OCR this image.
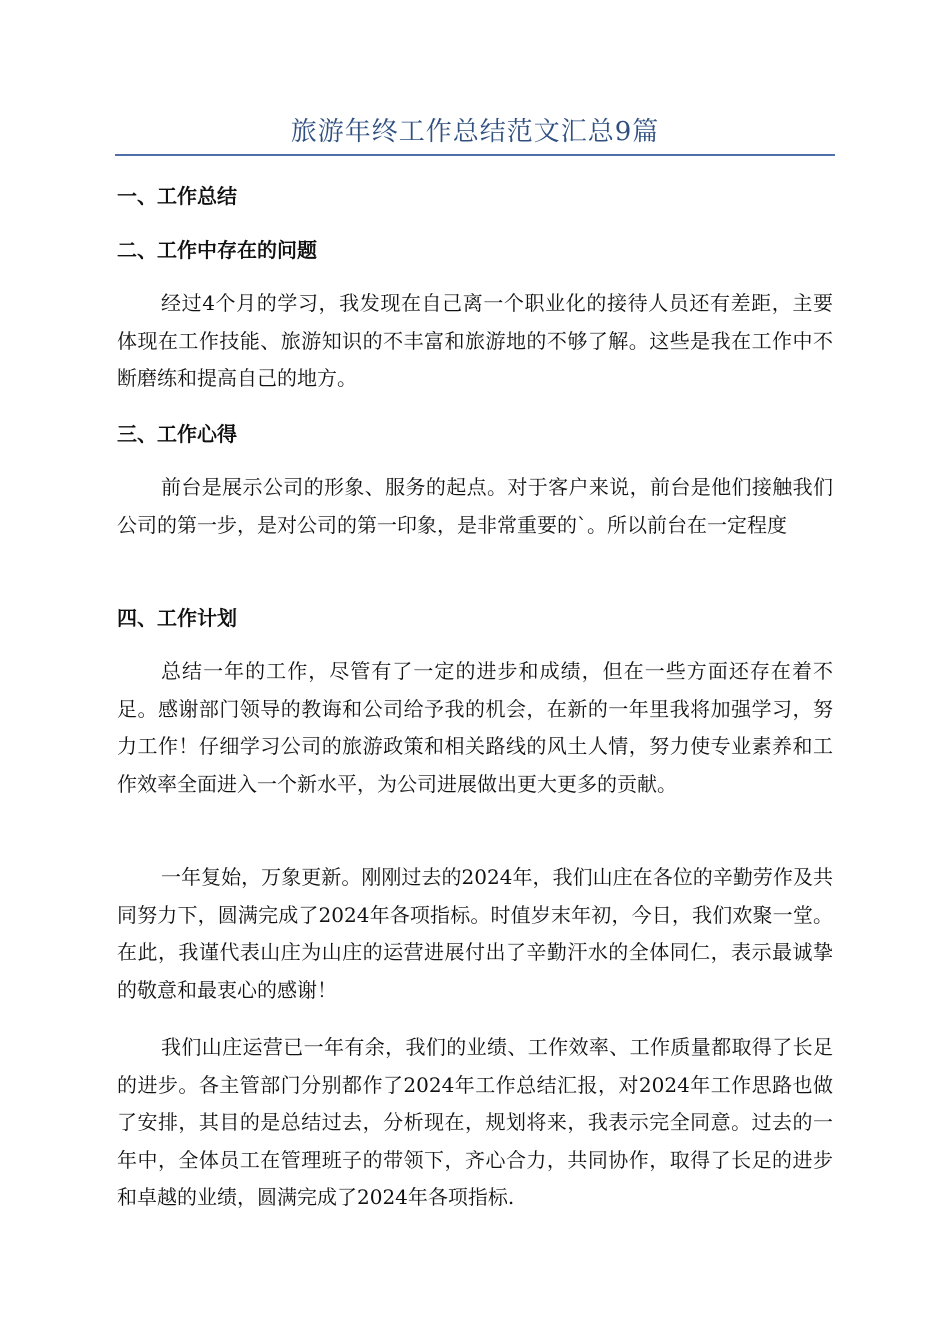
旅游年终工作总结范文汇总9篇
一、工作总结
二、工作中存在的问题
经过4个月的学习，我发现在自己离一个职业化的接待人员还有差距，主要体现在工作技能、旅游知识的不丰富和旅游地的不够了解。这些是我在工作中不断磨练和提高自己的地方。
三、工作心得
前台是展示公司的形象、服务的起点。对于客户来说，前台是他们接触我们公司的第一步，是对公司的第一印象，是非常重要的`。所以前台在一定程度
四、工作计划
总结一年的工作，尽管有了一定的进步和成绩，但在一些方面还存在着不足。感谢部门领导的教诲和公司给予我的机会，在新的一年里我将加强学习，努力工作！仔细学习公司的旅游政策和相关路线的风土人情，努力使专业素养和工作效率全面进入一个新水平，为公司进展做出更大更多的贡献。
一年复始，万象更新。刚刚过去的2024年，我们山庄在各位的辛勤劳作及共同努力下，圆满完成了2024年各项指标。时值岁末年初，今日，我们欢聚一堂。在此，我谨代表山庄为山庄的运营进展付出了辛勤汗水的全体同仁，表示最诚挚的敬意和最衷心的感谢！
我们山庄运营已一年有余，我们的业绩、工作效率、工作质量都取得了长足的进步。各主管部门分别都作了2024年工作总结汇报，对2024年工作思路也做了安排，其目的是总结过去，分析现在，规划将来，我表示完全同意。过去的一年中，全体员工在管理班子的带领下，齐心合力，共同协作，取得了长足的进步和卓越的业绩，圆满完成了2024年各项指标.
